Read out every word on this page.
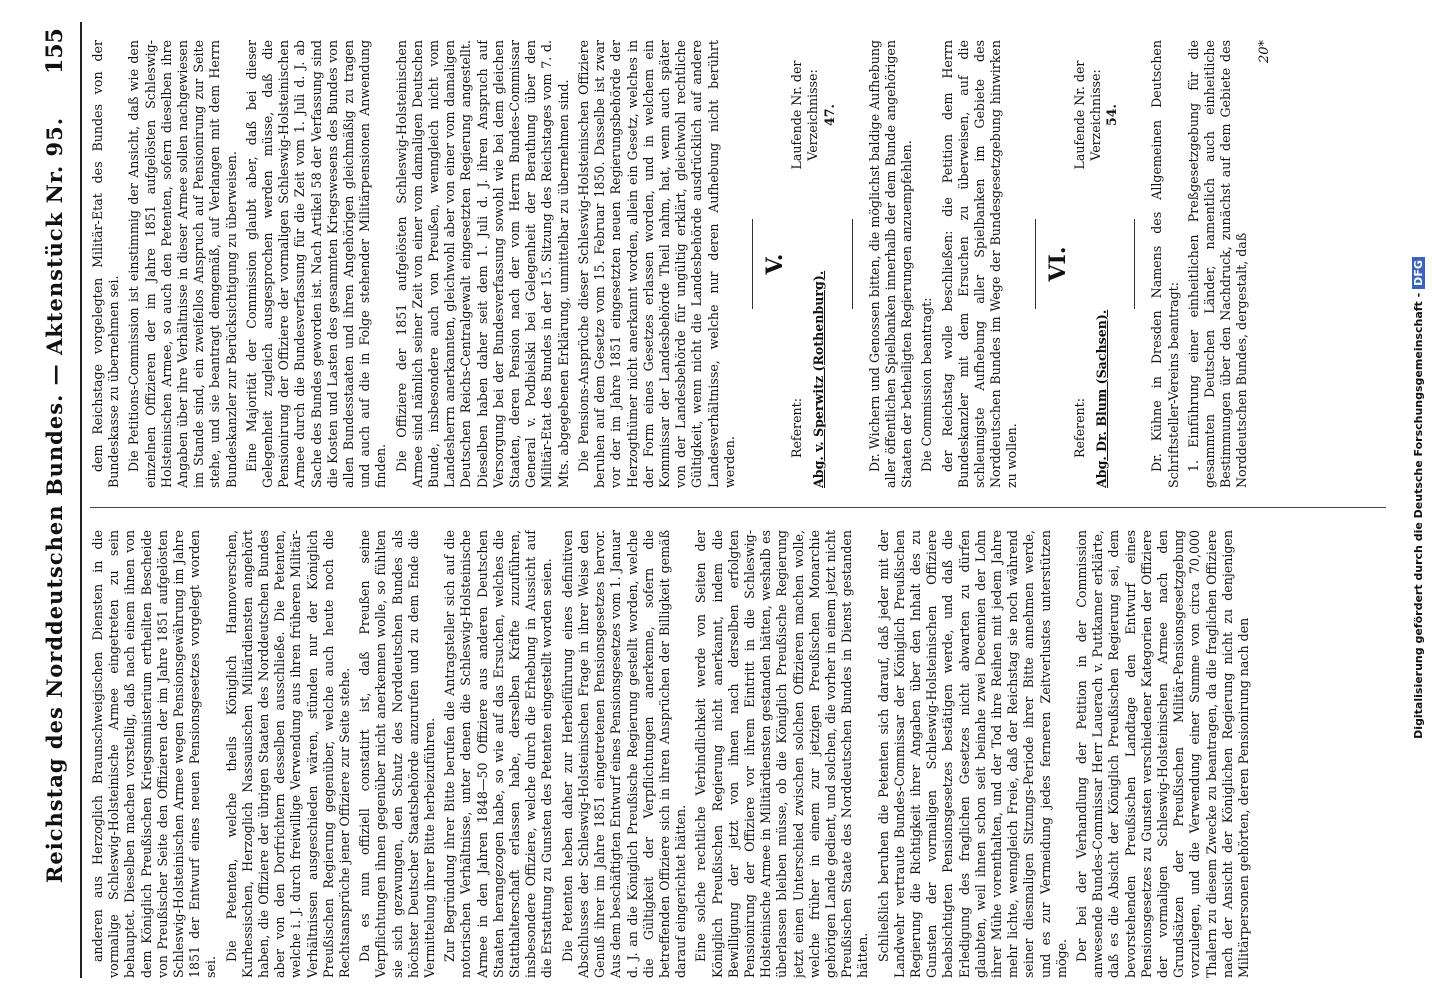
Reichstag des Norddeutschen Bundes. — Aktenstück Nr. 95.
155

anderen aus Herzoglich Braunschweigischen Diensten in die vormalige Schleswig-Holsteinische Armee eingetreten zu sein behauptet. Dieselben machen vorstellig, daß nach einem ihnen von dem Königlich Preußischen Kriegsministerium ertheilten Bescheide von Preußischer Seite den Offizieren der im Jahre 1851 aufgelösten Schleswig-Holsteinischen Armee wegen Pensionsgewährung im Jahre 1851 der Entwurf eines neuen Pensionsgesetzes vorgelegt worden sei.

Die Petenten, welche theils Königlich Hannoverschen, Kurhessischen, Herzoglich Nassauischen Militärdiensten angehört haben, die Offiziere der übrigen Staaten des Norddeutschen Bundes aber von den Dorfrichtern desselben ausschließe. Die Petenten, welche i. J. durch freiwillige Verwendung aus ihren früheren Militär-Verhältnissen ausgeschieden wären, stünden nur der Königlich Preußischen Regierung gegenüber, welche auch heute noch die Rechtsansprüche jener Offiziere zur Seite stehe. Da es nun offiziell constatirt ist, daß Preußen seine Verpflichtungen ihnen gegenüber nicht anerkennen wolle, so fühlten sie sich gezwungen, den Schutz des Norddeutschen Bundes als höchster Deutscher Staatsbehörde anzurufen und zu dem Ende die Vermittelung ihrer Bitte herbeizuführen. Zur Begründung ihrer Bitte berufen die Antragsteller sich auf die notorischen Verhältnisse, unter denen die Schleswig-Holsteinische Armee in den Jahren 1848—50 Offiziere aus anderen Deutschen Staaten herangezogen habe, so wie auf das Ersuchen, welches die Statthalterschaft erlassen habe, derselben Kräfte zuzuführen, insbesondere Offiziere, welche durch die Erhebung in Aussicht auf die Erstattung zu Gunsten des Petenten eingestellt worden seien. Die Petenten heben daher zur Herbeiführung eines definitiven Abschlusses der Schleswig-Holsteinischen Frage in ihrer Weise den Genuß ihrer im Jahre 1851 eingetretenen Pensionsgesetzes hervor. Aus dem beschäftigten Entwurf eines Pensionsgesetzes vom 1. Januar d. J. an die Königlich Preußische Regierung gestellt worden, welche die Gültigkeit der Verpflichtungen anerkenne, sofern die betreffenden Offiziere sich in ihren Ansprüchen der Billigkeit gemäß darauf eingerichtet hätten. Eine solche rechtliche Verbindlichkeit werde von Seiten der Königlich Preußischen Regierung nicht anerkannt, indem die Bewilligung der jetzt von ihnen nach derselben erfolgten Pensionirung der Offiziere vor ihrem Eintritt in die Schleswig-Holsteinische Armee in Militärdiensten gestanden hätten, weshalb es überlassen bleiben müsse, ob die Königlich Preußische Regierung jetzt einen Unterschied zwischen solchen Offizieren machen wolle, welche früher in einem zur jetzigen Preußischen Monarchie gehörigen Lande gedient, und solchen, die vorher in einem jetzt nicht Preußischen Staate des Norddeutschen Bundes in Dienst gestanden hätten. Schließlich beruhen die Petenten sich darauf, daß jeder mit der Landwehr vertraute Bundes-Commissar der Königlich Preußischen Regierung die Richtigkeit ihrer Angaben über den Inhalt des zu Gunsten der vormaligen Schleswig-Holsteinischen Offiziere beabsichtigten Pensionsgesetzes bestätigen werde, und daß die Erledigung des fraglichen Gesetzes nicht abwarten zu dürfen glaubten, weil ihnen schon seit beinahe zwei Decennien der Lohn ihrer Mühe vorenthalten, und der Tod ihre Reihen mit jedem Jahre mehr lichte, wenngleich Freie, daß der Reichstag sie noch während seiner diesmaligen Sitzungs-Periode ihrer Bitte annehmen werde, und es zur Vermeidung jedes ferneren Zeitverlustes unterstützen möge. Der bei der Verhandlung der Petition in der Commission anwesende Bundes-Commissar Herr Lauerach v. Puttkamer erklärte, daß es die Absicht der Königlich Preußischen Regierung sei, dem bevorstehenden Preußischen Landtage den Entwurf eines Pensionsgesetzes zu Gunsten verschiedener Kategorien der Offiziere der vormaligen Schleswig-Holsteinischen Armee nach den Grundsätzen der Preußischen Militär-Pensionsgesetzgebung vorzulegen, und die Verwendung einer Summe von circa 70,000 Thalern zu diesem Zwecke zu beantragen, da die fraglichen Offiziere nach der Ansicht der Königlichen Regierung nicht zu denjenigen Militärpersonen gehörten, deren Pensionirung nach den

dem Reichstage vorgelegten Militär-Etat des Bundes von der Bundeskasse zu übernehmen sei. Die Petitions-Commission ist einstimmig der Ansicht, daß wie den einzelnen Offizieren der im Jahre 1851 aufgelösten Schleswig-Holsteinischen Armee, so auch den Petenten, sofern dieselben ihre Angaben über ihre Verhältnisse in dieser Armee sollen nachgewiesen im Stande sind, ein zweifellos Anspruch auf Pensionirung zur Seite stehe, und sie beantragt demgemäß, auf Verlangen mit dem Herrn Bundeskanzler zur Berücksichtigung zu überweisen. Eine Majorität der Commission glaubt aber, daß bei dieser Gelegenheit zugleich ausgesprochen werden müsse, daß die Pensionirung der Offiziere der vormaligen Schleswig-Holsteinischen Armee durch die Bundesverfassung für die Zeit vom 1. Juli d. J. ab Sache des Bundes geworden ist. Nach Artikel 58 der Verfassung sind die Kosten und Lasten des gesammten Kriegswesens des Bundes von allen Bundesstaaten und ihren Angehörigen gleichmäßig zu tragen und auch auf die in Folge stehender Militärpensionen Anwendung finden. Die Offiziere der 1851 aufgelösten Schleswig-Holsteinischen Armee sind nämlich seiner Zeit von einer vom damaligen Deutschen Bunde, insbesondere auch von Preußen, wenngleich nicht vom Landesherrn anerkannten, gleichwohl aber von einer vom damaligen Deutschen Reichs-Centralgewalt eingesetzten Regierung angestellt. Dieselben haben daher seit dem 1. Juli d. J. ihren Anspruch auf Versorgung bei der Bundesverfassung sowohl wie bei dem gleichen Staaten, deren Pension nach der vom Herrn Bundes-Commissar General v. Podbielski bei Gelegenheit der Berathung über den Militär-Etat des Bundes in der 15. Sitzung des Reichstages vom 7. d. Mts. abgegebenen Erklärung, unmittelbar zu übernehmen sind. Die Pensions-Ansprüche dieser Schleswig-Holsteinischen Offiziere beruhen auf dem Gesetze vom 15. Februar 1850. Dasselbe ist zwar vor der im Jahre 1851 eingesetzten neuen Regierungsbehörde der Herzogthümer nicht anerkannt worden, allein ein Gesetz, welches in der Form eines Gesetzes erlassen worden, und in welchem ein Kommissar der Landesbehörde Theil nahm, hat, wenn auch später von der Landesbehörde für ungültig erklärt, gleichwohl rechtliche Gültigkeit, wenn nicht die Landesbehörde ausdrücklich auf andere Landesverhältnisse, welche nur deren Aufhebung nicht berührt werden.

V.
Laufende Nr. der Verzeichnisse: 47.
Referent: Abg. v. Sperwitz (Rothenburg).	Dr. Wichern und Genossen bitten, die möglichst baldige Aufhebung aller öffentlichen Spielbanken innerhalb der dem Bunde angehörigen Staaten der betheiligten Regierungen anzuempfehlen. Die Commission beantragt: der Reichstag wolle beschließen: die Petition dem Herrn Bundeskanzler mit dem Ersuchen zu überweisen, auf die schleunigste Aufhebung aller Spielbanken im Gebiete des Norddeutschen Bundes im Wege der Bundesgesetzgebung hinwirken zu wollen.

VI.
Laufende Nr. der Verzeichnisse: 54.
Referent: Abg. Dr. Blum (Sachsen).	Dr. Kühne in Dresden Namens des Allgemeinen Deutschen Schriftsteller-Vereins beantragt: 1. Einführung einer einheitlichen Preßgesetzgebung für die gesammten Deutschen Länder, namentlich auch einheitliche Bestimmungen über den Nachdruck, zunächst auf dem Gebiete des Norddeutschen Bundes, dergestalt, daß

20*
Digitalisierung gefördert durch die Deutsche Forschungsgemeinschaft -DFG
